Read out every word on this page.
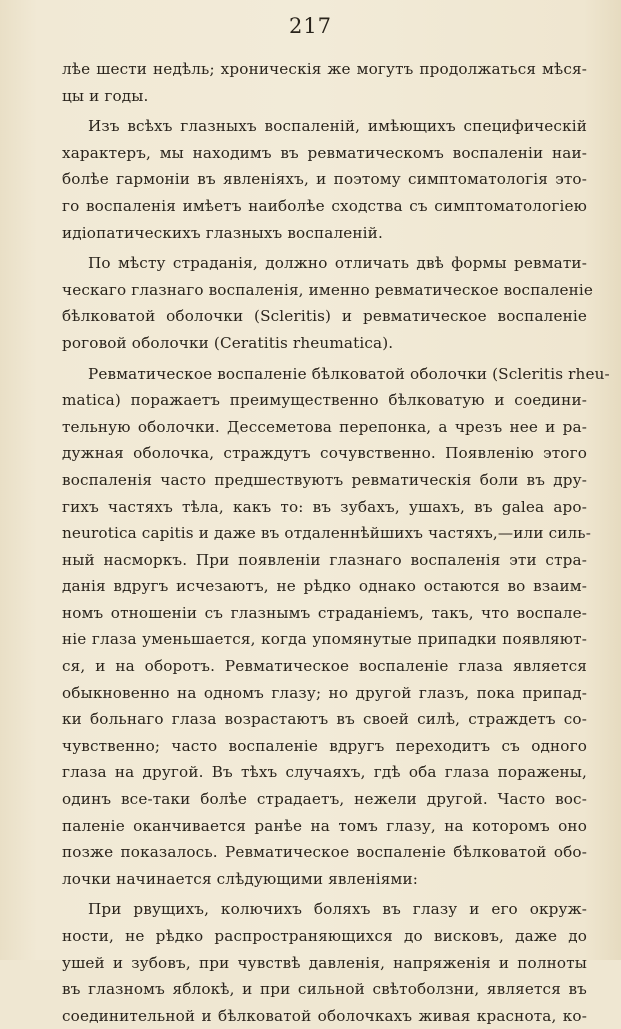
217
лѣе шести недѣль; хроническія же могутъ продолжаться мѣся-
цы и годы.
Изъ всѣхъ глазныхъ воспаленій, имѣющихъ специфическій
характеръ, мы находимъ въ ревматическомъ воспаленіи наи-
болѣе гармоніи въ явленіяхъ, и поэтому симптоматологія это-
го воспаленія имѣетъ наиболѣе сходства съ симптоматологіею
идіопатическихъ глазныхъ воспаленій.
По мѣсту страданія, должно отличать двѣ формы ревмати-
ческаго глазнаго воспаленія, именно ревматическое воспаленіе
бѣлковатой оболочки (Scleritis) и ревматическое воспаленіе
роговой оболочки (Ceratitis rheumatica).
Ревматическое воспаленіе бѣлковатой оболочки (Scleritis rheu-
matica) поражаетъ преимущественно бѣлковатую и соедини-
тельную оболочки. Десcеметова перепонка, а чрезъ нее и ра-
дужная оболочка, страждутъ сочувственно. Появленію этого
воспаленія часто предшествуютъ ревматическія боли въ дру-
гихъ частяхъ тѣла, какъ то: въ зубахъ, ушахъ, въ galea apo-
neurotica capitis и даже въ отдаленнѣйшихъ частяхъ,—или силь-
ный насморкъ. При появленіи глазнаго воспаленія эти стра-
данія вдругъ исчезаютъ, не рѣдко однако остаются во взаим-
номъ отношеніи съ глазнымъ страданіемъ, такъ, что воспале-
ніе глаза уменьшается, когда упомянутые припадки появляют-
ся, и на оборотъ. Ревматическое воспаленіе глаза является
обыкновенно на одномъ глазу; но другой глазъ, пока припад-
ки больнаго глаза возрастаютъ въ своей силѣ, страждетъ со-
чувственно; часто воспаленіе вдругъ переходитъ съ одного
глаза на другой. Въ тѣхъ случаяхъ, гдѣ оба глаза поражены,
одинъ все-таки болѣе страдаетъ, нежели другой. Часто вос-
паленіе оканчивается ранѣе на томъ глазу, на которомъ оно
позже показалось. Ревматическое воспаленіе бѣлковатой обо-
лочки начинается слѣдующими явленіями:
При рвущихъ, колючихъ боляхъ въ глазу и его окруж-
ности, не рѣдко распространяющихся до висковъ, даже до
ушей и зубовъ, при чувствѣ давленія, напряженія и полноты
въ глазномъ яблокѣ, и при сильной свѣтоболзни, является въ
соединительной и бѣлковатой оболочкахъ живая краснота, ко-
